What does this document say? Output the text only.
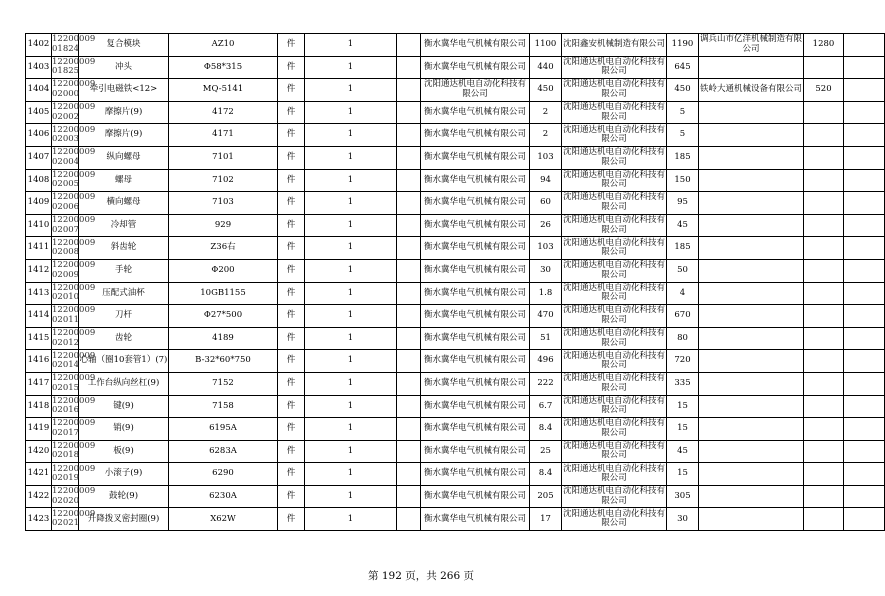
1402	12200009 01824	复合模块	AZ10	件	1		衡水冀华电气机械有限公司	1100	沈阳鑫安机械制造有限公司	1190	调兵山市亿洋机械制造有限公司	1280	
1403	12200009 01825	冲头	Φ58*315	件	1		衡水冀华电气机械有限公司	440	沈阳通达机电自动化科技有限公司	645			
1404	12200009 02000	牵引电磁铁<12>	MQ-5141	件	1		沈阳通达机电自动化科技有限公司	450	沈阳通达机电自动化科技有限公司	450	铁岭大通机械设备有限公司	520	
1405	12200009 02002	摩擦片(9)	4172	件	1		衡水冀华电气机械有限公司	2	沈阳通达机电自动化科技有限公司	5			
1406	12200009 02003	摩擦片(9)	4171	件	1		衡水冀华电气机械有限公司	2	沈阳通达机电自动化科技有限公司	5			
1407	12200009 02004	纵向螺母	7101	件	1		衡水冀华电气机械有限公司	103	沈阳通达机电自动化科技有限公司	185			
1408	12200009 02005	螺母	7102	件	1		衡水冀华电气机械有限公司	94	沈阳通达机电自动化科技有限公司	150			
1409	12200009 02006	横向螺母	7103	件	1		衡水冀华电气机械有限公司	60	沈阳通达机电自动化科技有限公司	95			
1410	12200009 02007	冷却管	929	件	1		衡水冀华电气机械有限公司	26	沈阳通达机电自动化科技有限公司	45			
1411	12200009 02008	斜齿轮	Z36右	件	1		衡水冀华电气机械有限公司	103	沈阳通达机电自动化科技有限公司	185			
1412	12200009 02009	手轮	Φ200	件	1		衡水冀华电气机械有限公司	30	沈阳通达机电自动化科技有限公司	50			
1413	12200009 02010	压配式油杯	10GB1155	件	1		衡水冀华电气机械有限公司	1.8	沈阳通达机电自动化科技有限公司	4			
1414	12200009 02011	刀杆	Φ27*500	件	1		衡水冀华电气机械有限公司	470	沈阳通达机电自动化科技有限公司	670			
1415	12200009 02012	齿轮	4189	件	1		衡水冀华电气机械有限公司	51	沈阳通达机电自动化科技有限公司	80			
1416	12200009 02014	心轴（圈10套管1）(7)	B-32*60*750	件	1		衡水冀华电气机械有限公司	496	沈阳通达机电自动化科技有限公司	720			
1417	12200009 02015	工作台纵向丝杠(9)	7152	件	1		衡水冀华电气机械有限公司	222	沈阳通达机电自动化科技有限公司	335			
1418	12200009 02016	键(9)	7158	件	1		衡水冀华电气机械有限公司	6.7	沈阳通达机电自动化科技有限公司	15			
1419	12200009 02017	销(9)	6195A	件	1		衡水冀华电气机械有限公司	8.4	沈阳通达机电自动化科技有限公司	15			
1420	12200009 02018	板(9)	6283A	件	1		衡水冀华电气机械有限公司	25	沈阳通达机电自动化科技有限公司	45			
1421	12200009 02019	小滚子(9)	6290	件	1		衡水冀华电气机械有限公司	8.4	沈阳通达机电自动化科技有限公司	15			
1422	12200009 02020	鼓轮(9)	6230A	件	1		衡水冀华电气机械有限公司	205	沈阳通达机电自动化科技有限公司	305			
1423	12200009 02021	升降拨叉密封圈(9)	X62W	件	1		衡水冀华电气机械有限公司	17	沈阳通达机电自动化科技有限公司	30			
第 192 页，共 266 页
